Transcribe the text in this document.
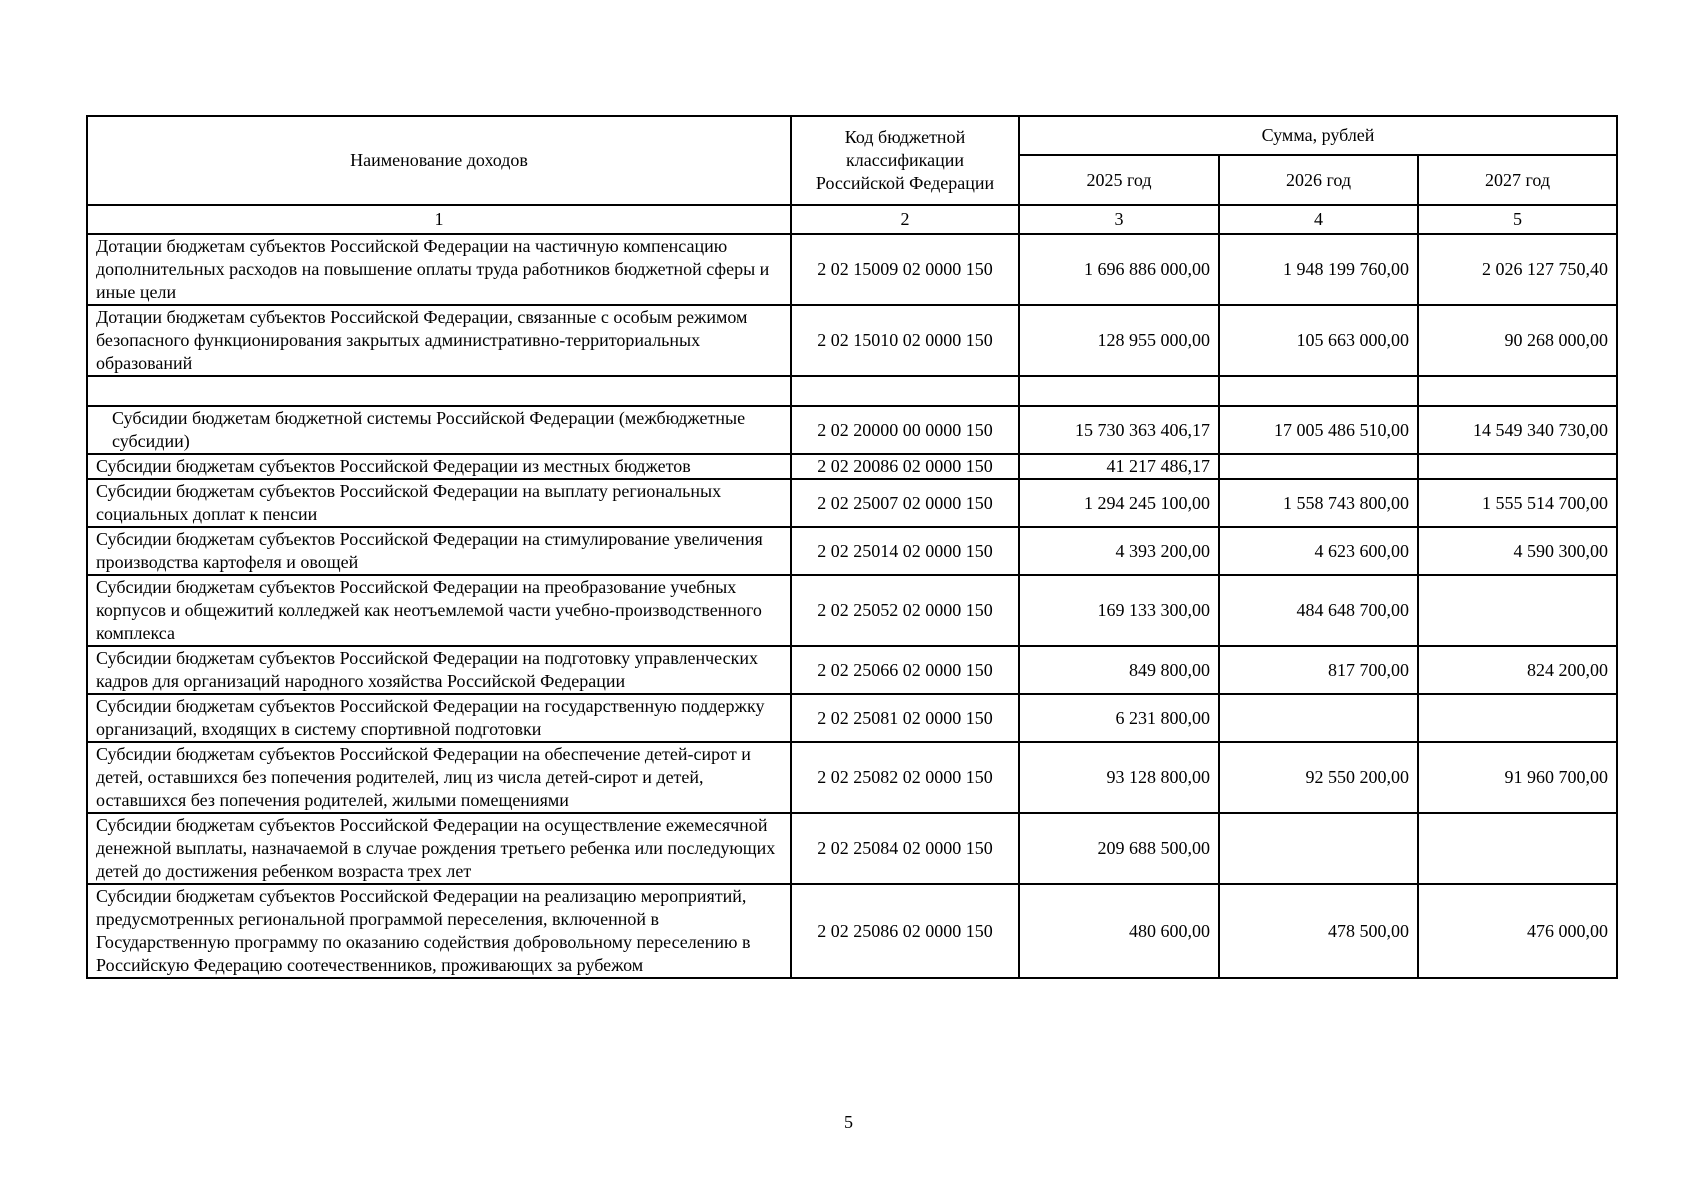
Наименование доходов	Код бюджетной классификации Российской Федерации	Сумма, рублей		
		2025 год	2026 год	2027 год
1	2	3	4	5
Дотации бюджетам субъектов Российской Федерации на частичную компенсацию дополнительных расходов на повышение оплаты труда работников бюджетной сферы и иные цели	2 02 15009 02 0000 150	1 696 886 000,00	1 948 199 760,00	2 026 127 750,40
Дотации бюджетам субъектов Российской Федерации, связанные с особым режимом безопасного функционирования закрытых административно-территориальных образований	2 02 15010 02 0000 150	128 955 000,00	105 663 000,00	90 268 000,00

Субсидии бюджетам бюджетной системы Российской Федерации (межбюджетные субсидии)	2 02 20000 00 0000 150	15 730 363 406,17	17 005 486 510,00	14 549 340 730,00
Субсидии бюджетам субъектов Российской Федерации из местных бюджетов	2 02 20086 02 0000 150	41 217 486,17		
Субсидии бюджетам субъектов Российской Федерации на выплату региональных социальных доплат к пенсии	2 02 25007 02 0000 150	1 294 245 100,00	1 558 743 800,00	1 555 514 700,00
Субсидии бюджетам субъектов Российской Федерации на стимулирование увеличения производства картофеля и овощей	2 02 25014 02 0000 150	4 393 200,00	4 623 600,00	4 590 300,00
Субсидии бюджетам субъектов Российской Федерации на преобразование учебных корпусов и общежитий колледжей как неотъемлемой части учебно-производственного комплекса	2 02 25052 02 0000 150	169 133 300,00	484 648 700,00	
Субсидии бюджетам субъектов Российской Федерации на подготовку управленческих кадров для организаций народного хозяйства Российской Федерации	2 02 25066 02 0000 150	849 800,00	817 700,00	824 200,00
Субсидии бюджетам субъектов Российской Федерации на государственную поддержку организаций, входящих в систему спортивной подготовки	2 02 25081 02 0000 150	6 231 800,00		
Субсидии бюджетам субъектов Российской Федерации на обеспечение детей-сирот и детей, оставшихся без попечения родителей, лиц из числа детей-сирот и детей, оставшихся без попечения родителей, жилыми помещениями	2 02 25082 02 0000 150	93 128 800,00	92 550 200,00	91 960 700,00
Субсидии бюджетам субъектов Российской Федерации на осуществление ежемесячной денежной выплаты, назначаемой в случае рождения третьего ребенка или последующих детей до достижения ребенком возраста трех лет	2 02 25084 02 0000 150	209 688 500,00		
Субсидии бюджетам субъектов Российской Федерации на реализацию мероприятий, предусмотренных региональной программой переселения, включенной в Государственную программу по оказанию содействия добровольному переселению в Российскую Федерацию соотечественников, проживающих за рубежом	2 02 25086 02 0000 150	480 600,00	478 500,00	476 000,00
5
